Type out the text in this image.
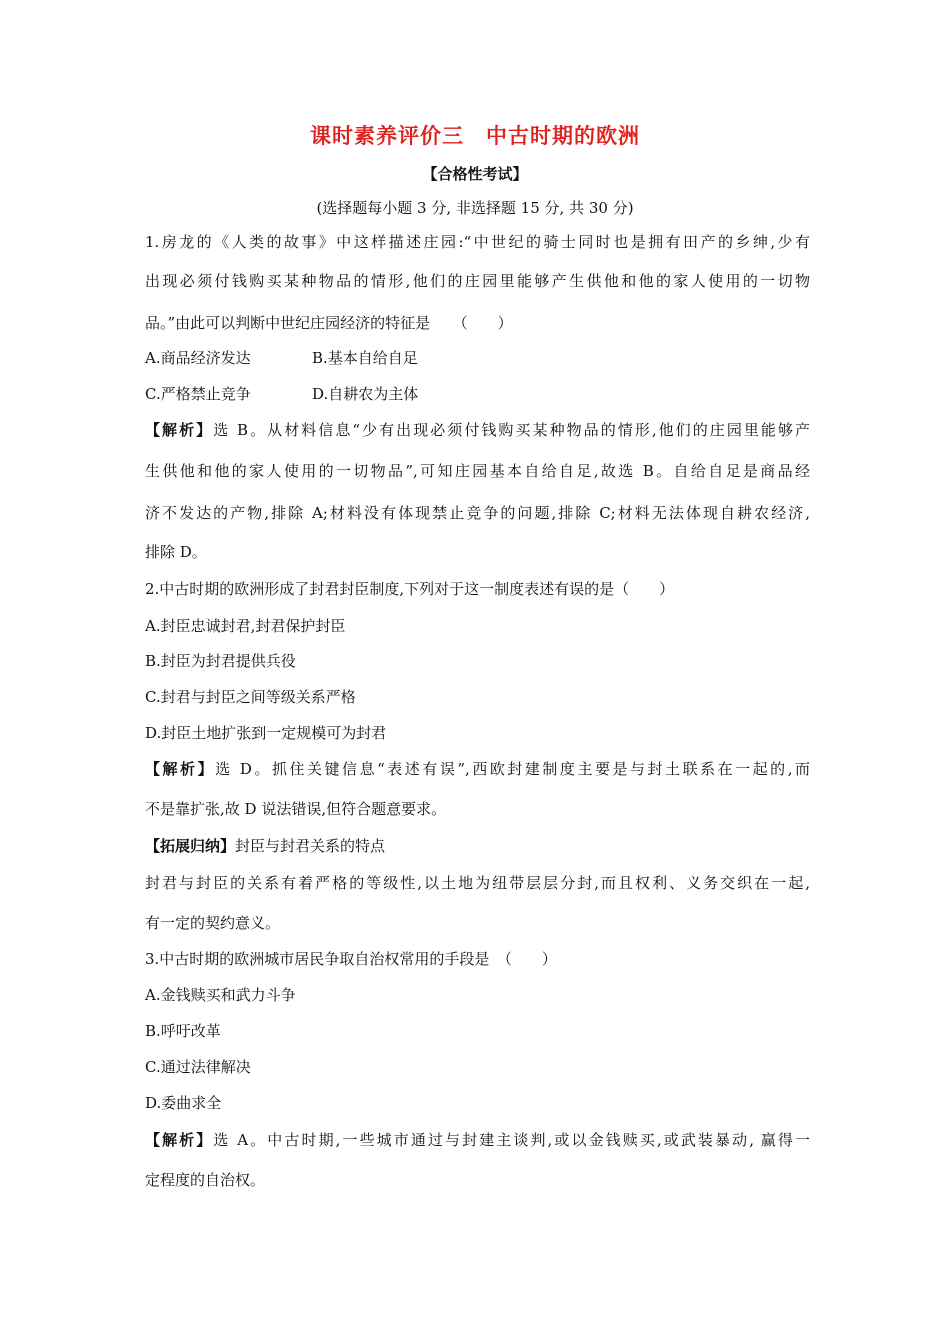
课时素养评价三　中古时期的欧洲
【合格性考试】
(选择题每小题 3 分, 非选择题 15 分, 共 30 分)
1.房龙的《人类的故事》中这样描述庄园:“中世纪的骑士同时也是拥有田产的乡绅,少有
出现必须付钱购买某种物品的情形,他们的庄园里能够产生供他和他的家人使用的一切物
品。”由此可以判断中世纪庄园经济的特征是　　（　　）
A.商品经济发达	B.基本自给自足
C.严格禁止竞争	D.自耕农为主体
【解析】选 B。从材料信息“少有出现必须付钱购买某种物品的情形,他们的庄园里能够产
生供他和他的家人使用的一切物品”,可知庄园基本自给自足,故选 B。自给自足是商品经
济不发达的产物,排除 A;材料没有体现禁止竞争的问题,排除 C;材料无法体现自耕农经济,
排除 D。
2.中古时期的欧洲形成了封君封臣制度,下列对于这一制度表述有误的是（　　）
A.封臣忠诚封君,封君保护封臣
B.封臣为封君提供兵役
C.封君与封臣之间等级关系严格
D.封臣土地扩张到一定规模可为封君
【解析】选 D。抓住关键信息“表述有误”,西欧封建制度主要是与封土联系在一起的,而
不是靠扩张,故 D 说法错误,但符合题意要求。
【拓展归纳】封臣与封君关系的特点
封君与封臣的关系有着严格的等级性,以土地为纽带层层分封,而且权利、义务交织在一起,
有一定的契约意义。
3.中古时期的欧洲城市居民争取自治权常用的手段是　（　　）
A.金钱赎买和武力斗争
B.呼吁改革
C.通过法律解决
D.委曲求全
【解析】选 A。中古时期,一些城市通过与封建主谈判,或以金钱赎买,或武装暴动, 赢得一
定程度的自治权。
